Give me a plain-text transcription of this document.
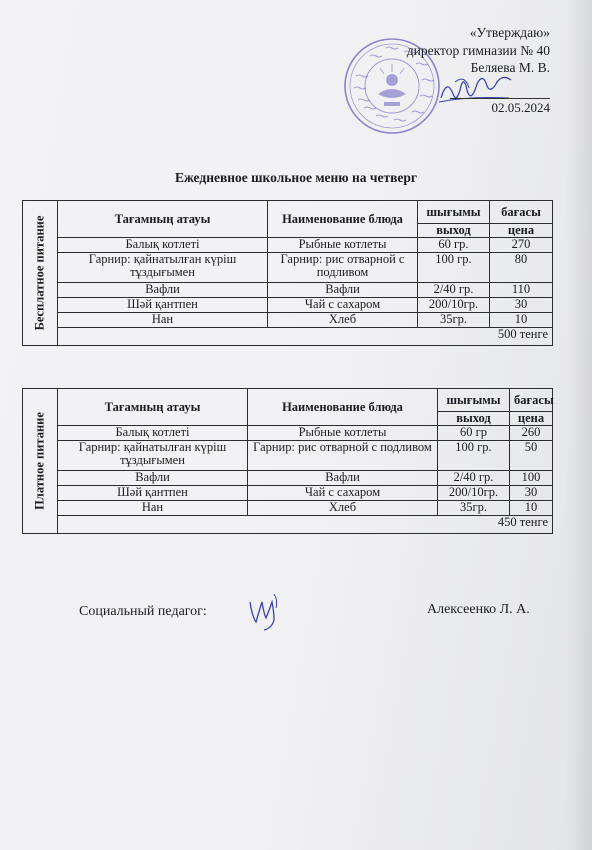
«Утверждаю»
директор гимназии № 40
Беляева М. В.
02.05.2024
Ежедневное школьное меню на четверг
Бесплатное питание	Тағамның атауы	Наименование блюда	шығымы	бағасы
			выход	цена
	Балық котлеті	Рыбные котлеты	60 гр.	270
	Гарнир: қайнатылған күріш тұздығымен	Гарнир: рис отварной с подливом	100 гр.	80
	Вафли	Вафли	2/40 гр.	110
	Шәй қантпен	Чай с сахаром	200/10гр.	30
	Нан	Хлеб	35гр.	10
	500 тенге			
Платное питание	Тағамның атауы	Наименование блюда	шығымы	бағасы
			выход	цена
	Балық котлеті	Рыбные котлеты	60 гр	260
	Гарнир: қайнатылған күріш тұздығымен	Гарнир: рис отварной с подливом	100 гр.	50
	Вафли	Вафли	2/40 гр.	100
	Шәй қантпен	Чай с сахаром	200/10гр.	30
	Нан	Хлеб	35гр.	10
	450 тенге			
Социальный педагог:	Алексеенко Л. А.
